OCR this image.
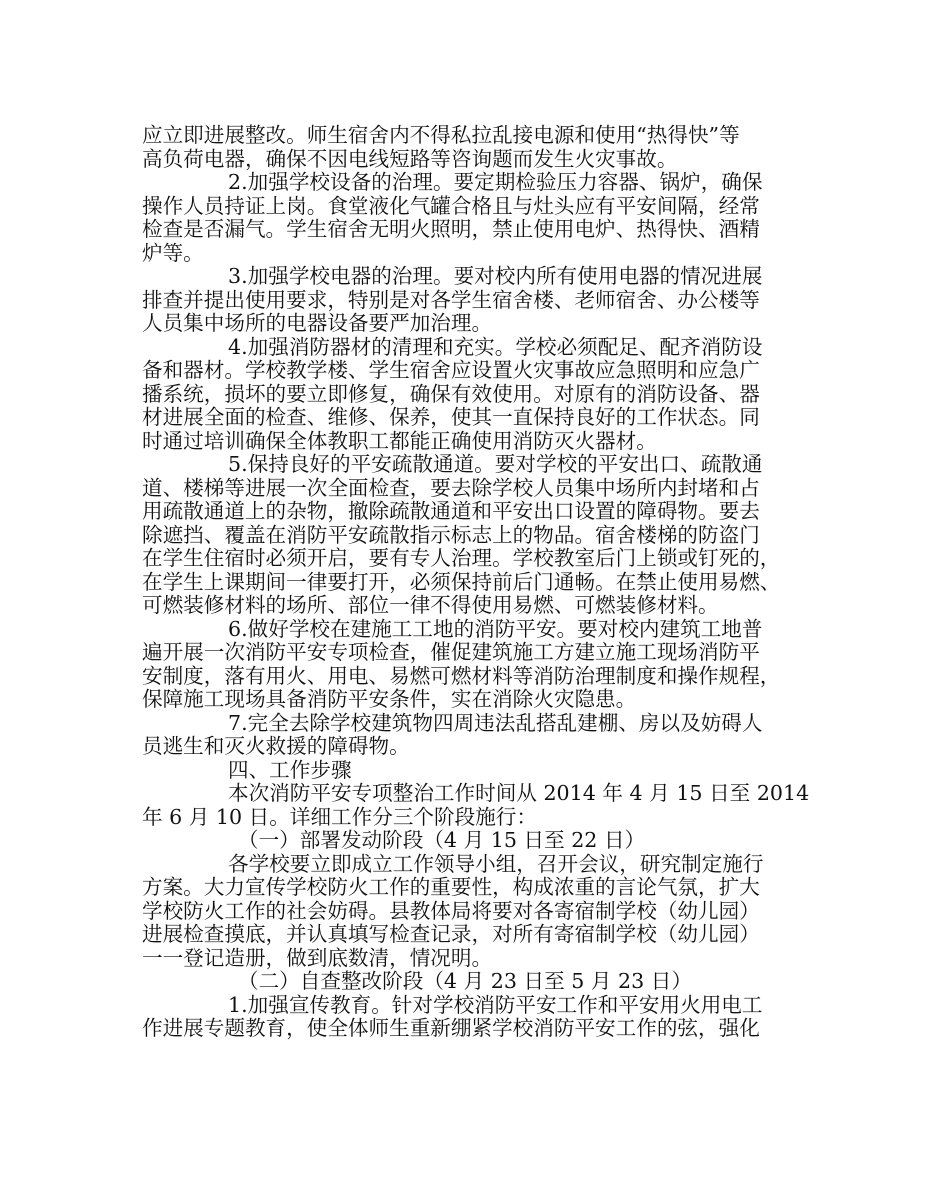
应立即进展整改。师生宿舍内不得私拉乱接电源和使用“热得快”等
高负荷电器，确保不因电线短路等咨询题而发生火灾事故。
2.加强学校设备的治理。要定期检验压力容器、锅炉，确保
操作人员持证上岗。食堂液化气罐合格且与灶头应有平安间隔，经常
检查是否漏气。学生宿舍无明火照明，禁止使用电炉、热得快、酒精
炉等。
3.加强学校电器的治理。要对校内所有使用电器的情况进展
排查并提出使用要求，特别是对各学生宿舍楼、老师宿舍、办公楼等
人员集中场所的电器设备要严加治理。
4.加强消防器材的清理和充实。学校必须配足、配齐消防设
备和器材。学校教学楼、学生宿舍应设置火灾事故应急照明和应急广
播系统，损坏的要立即修复，确保有效使用。对原有的消防设备、器
材进展全面的检查、维修、保养，使其一直保持良好的工作状态。同
时通过培训确保全体教职工都能正确使用消防灭火器材。
5.保持良好的平安疏散通道。要对学校的平安出口、疏散通
道、楼梯等进展一次全面检查，要去除学校人员集中场所内封堵和占
用疏散通道上的杂物，撤除疏散通道和平安出口设置的障碍物。要去
除遮挡、覆盖在消防平安疏散指示标志上的物品。宿舍楼梯的防盗门
在学生住宿时必须开启，要有专人治理。学校教室后门上锁或钉死的，
在学生上课期间一律要打开，必须保持前后门通畅。在禁止使用易燃、
可燃装修材料的场所、部位一律不得使用易燃、可燃装修材料。
6.做好学校在建施工工地的消防平安。要对校内建筑工地普
遍开展一次消防平安专项检查，催促建筑施工方建立施工现场消防平
安制度，落有用火、用电、易燃可燃材料等消防治理制度和操作规程，
保障施工现场具备消防平安条件，实在消除火灾隐患。
7.完全去除学校建筑物四周违法乱搭乱建棚、房以及妨碍人
员逃生和灭火救援的障碍物。
四、工作步骤
本次消防平安专项整治工作时间从 2014 年 4 月 15 日至 2014
年 6 月 10 日。详细工作分三个阶段施行：
（一）部署发动阶段（4 月 15 日至 22 日）
各学校要立即成立工作领导小组，召开会议，研究制定施行
方案。大力宣传学校防火工作的重要性，构成浓重的言论气氛，扩大
学校防火工作的社会妨碍。县教体局将要对各寄宿制学校（幼儿园）
进展检查摸底，并认真填写检查记录，对所有寄宿制学校（幼儿园）
一一登记造册，做到底数清，情况明。
（二）自查整改阶段（4 月 23 日至 5 月 23 日）
1.加强宣传教育。针对学校消防平安工作和平安用火用电工
作进展专题教育，使全体师生重新绷紧学校消防平安工作的弦，强化
